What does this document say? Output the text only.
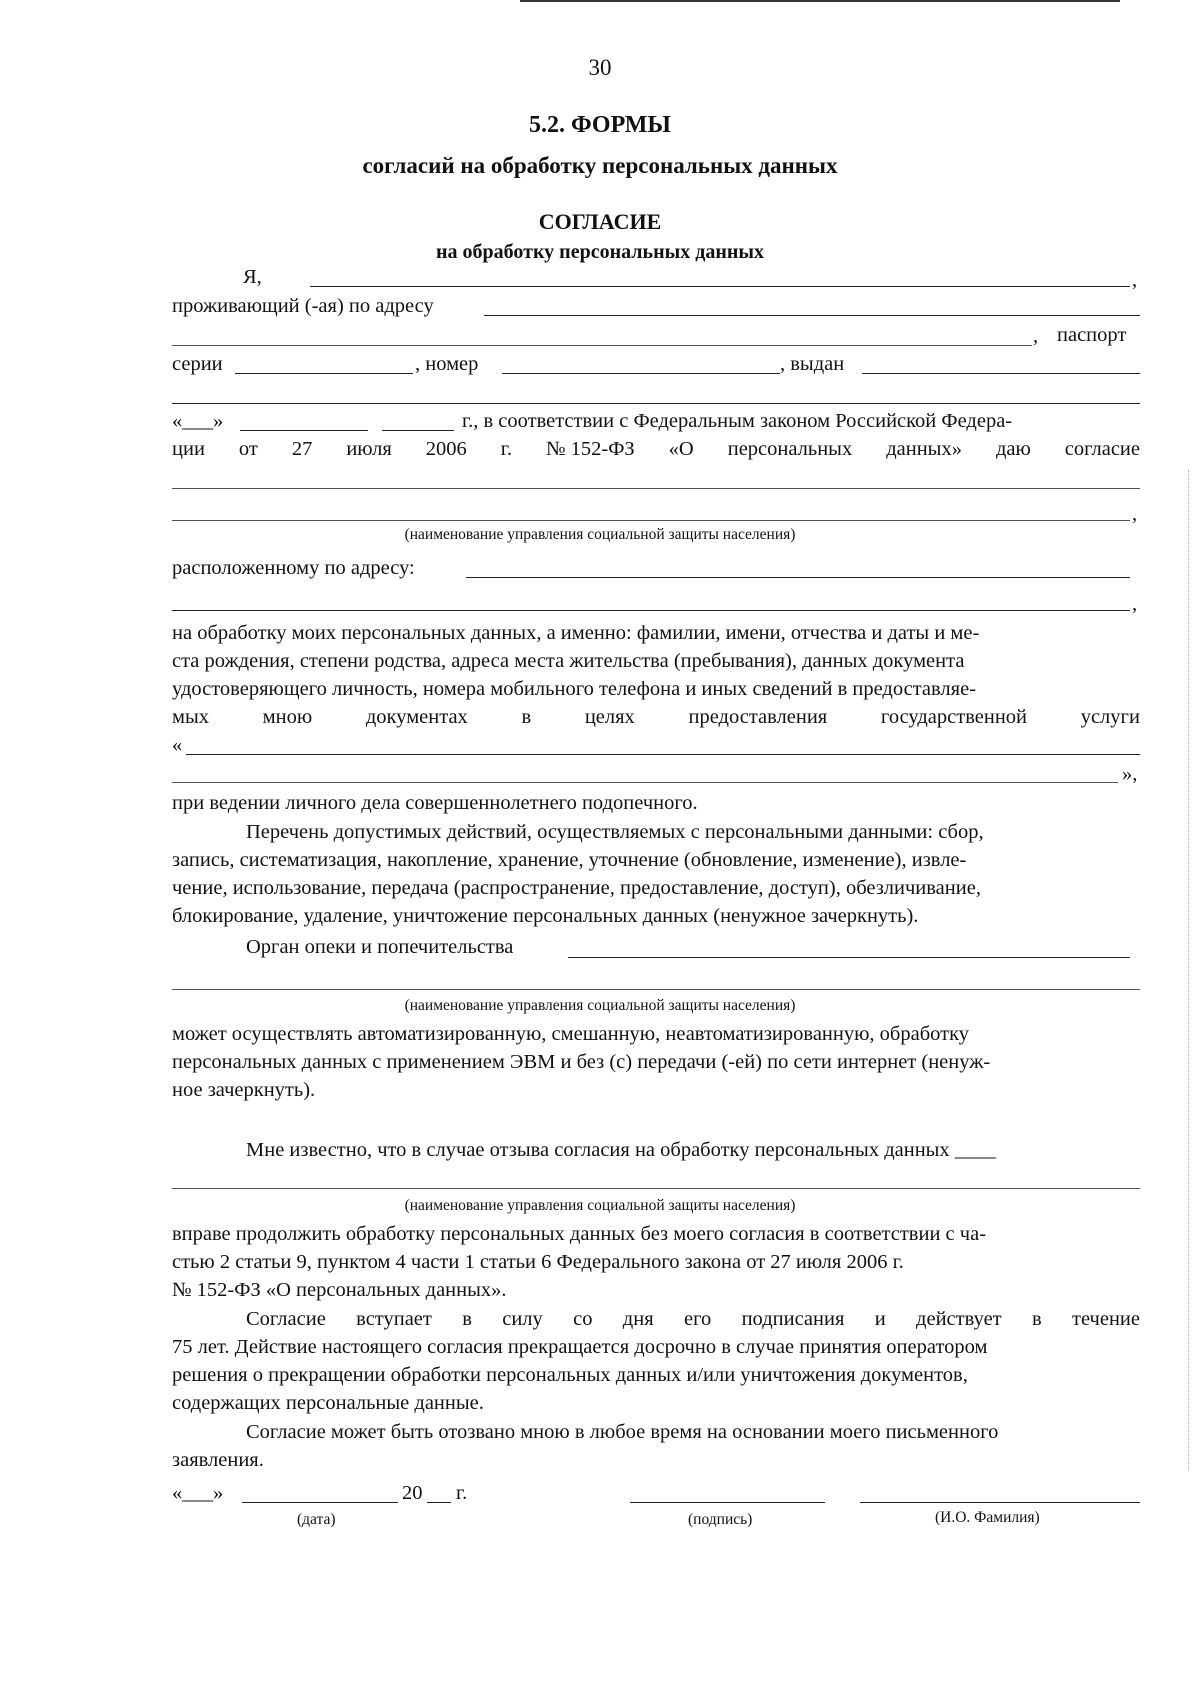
30
5.2. ФОРМЫ
согласий на обработку персональных данных
СОГЛАСИЕ
на обработку персональных данных
Я,	,
проживающий (-ая) по адресу
, паспорт
серии	, номер	, выдан
«___»	г., в соответствии с Федеральным законом Российской Федера-
ции от 27 июля 2006 г. № 152-ФЗ «О персональных данных» даю согласие
,
(наименование управления социальной защиты населения)
расположенному по адресу:
,
на обработку моих персональных данных, а именно: фамилии, имени, отчества и даты и ме-
ста рождения, степени родства, адреса места жительства (пребывания), данных документа
удостоверяющего личность, номера мобильного телефона и иных сведений в предоставляе-
мых	мною	документах	в	целях	предоставления	государственной	услуги
«
»,
при ведении личного дела совершеннолетнего подопечного.
Перечень допустимых действий, осуществляемых с персональными данными: сбор,
запись, систематизация, накопление, хранение, уточнение (обновление, изменение), извле-
чение, использование, передача (распространение, предоставление, доступ), обезличивание,
блокирование, удаление, уничтожение персональных данных (ненужное зачеркнуть).
Орган опеки и попечительства
(наименование управления социальной защиты населения)
может осуществлять автоматизированную, смешанную, неавтоматизированную, обработку
персональных данных с применением ЭВМ и без (с) передачи (-ей) по сети интернет (ненуж-
ное зачеркнуть).
Мне известно, что в случае отзыва согласия на обработку персональных данных ____
(наименование управления социальной защиты населения)
вправе продолжить обработку персональных данных без моего согласия в соответствии с ча-
стью 2 статьи 9, пунктом 4 части 1 статьи 6 Федерального закона от 27 июля 2006 г.
№ 152-ФЗ «О персональных данных».
Согласие вступает в силу со дня его подписания и действует в течение
75 лет. Действие настоящего согласия прекращается досрочно в случае принятия оператором
решения о прекращении обработки персональных данных и/или уничтожения документов,
содержащих персональные данные.
Согласие может быть отозвано мною в любое время на основании моего письменного
заявления.
«___»	20 г.
(дата)	(подпись)	(И.О. Фамилия)
